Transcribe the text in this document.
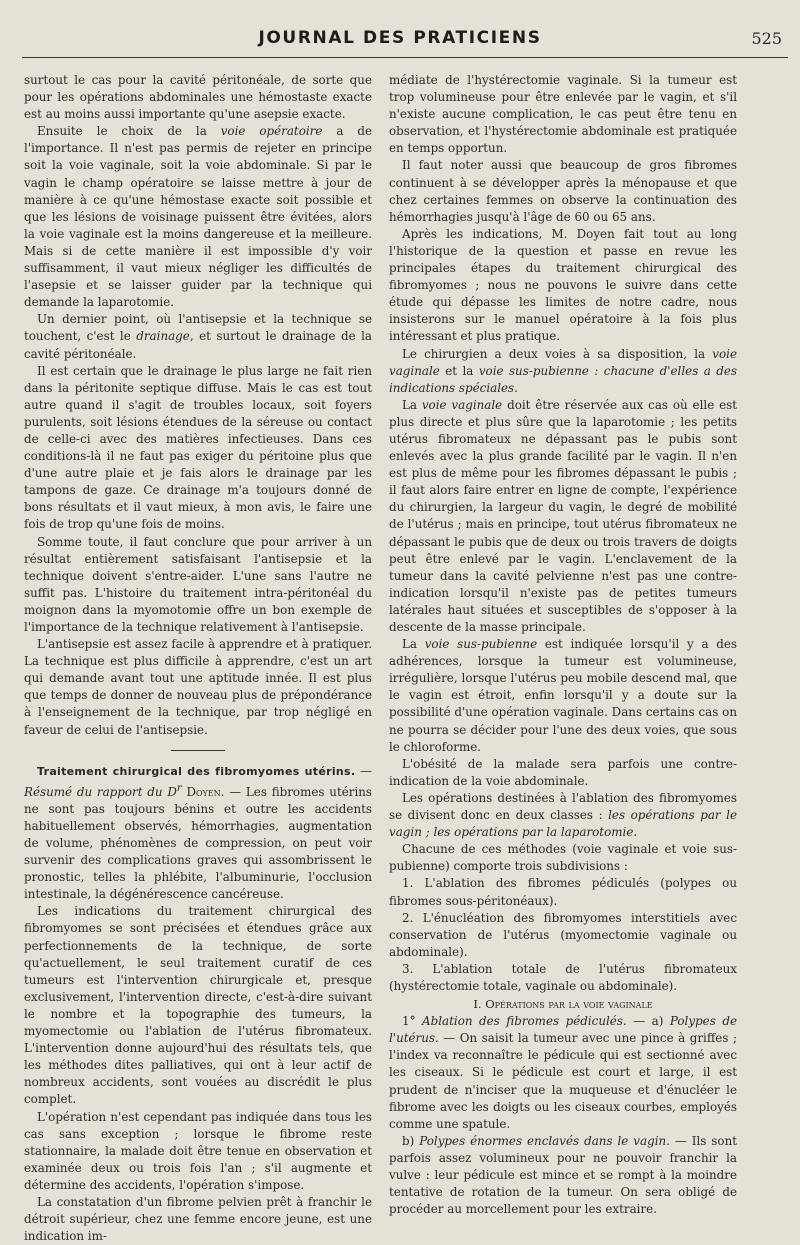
JOURNAL DES PRATICIENS	525

surtout le cas pour la cavité péritonéale, de sorte que pour les opérations abdominales une hémostaste exacte est au moins aussi importante qu'une asepsie exacte.

Ensuite le choix de la voie opératoire a de l'importance. Il n'est pas permis de rejeter en principe soit la voie vaginale, soit la voie abdominale. Si par le vagin le champ opératoire se laisse mettre à jour de manière à ce qu'une hémostase exacte soit possible et que les lésions de voisinage puissent être évitées, alors la voie vaginale est la moins dangereuse et la meilleure. Mais si de cette manière il est impossible d'y voir suffisamment, il vaut mieux négliger les difficultés de l'asepsie et se laisser guider par la technique qui demande la laparotomie.

Un dernier point, où l'antisepsie et la technique se touchent, c'est le drainage, et surtout le drainage de la cavité péritonéale.

Il est certain que le drainage le plus large ne fait rien dans la péritonite septique diffuse. Mais le cas est tout autre quand il s'agit de troubles locaux, soit foyers purulents, soit lésions étendues de la séreuse ou contact de celle-ci avec des matières infectieuses. Dans ces conditions-là il ne faut pas exiger du péritoine plus que d'une autre plaie et je fais alors le drainage par les tampons de gaze. Ce drainage m'a toujours donné de bons résultats et il vaut mieux, à mon avis, le faire une fois de trop qu'une fois de moins.

Somme toute, il faut conclure que pour arriver à un résultat entièrement satisfaisant l'antisepsie et la technique doivent s'entre-aider. L'une sans l'autre ne suffit pas. L'histoire du traitement intra-péritonéal du moignon dans la myomotomie offre un bon exemple de l'importance de la technique relativement à l'antisepsie.

L'antisepsie est assez facile à apprendre et à pratiquer. La technique est plus difficile à apprendre, c'est un art qui demande avant tout une aptitude innée. Il est plus que temps de donner de nouveau plus de prépondérance à l'enseignement de la technique, par trop négligé en faveur de celui de l'antisepsie.

Traitement chirurgical des fibromyomes utérins. — Résumé du rapport du $D^r$ Doyen. — Les fibromes utérins ne sont pas toujours bénins et outre les accidents habituellement observés, hémorrhagies, augmentation de volume, phénomènes de compression, on peut voir survenir des complications graves qui assombrissent le pronostic, telles la phlébite, l'albuminurie, l'occlusion intestinale, la dégénérescence cancéreuse.

Les indications du traitement chirurgical des fibromyomes se sont précisées et étendues grâce aux perfectionnements de la technique, de sorte qu'actuellement, le seul traitement curatif de ces tumeurs est l'intervention chirurgicale et, presque exclusivement, l'intervention directe, c'est-à-dire suivant le nombre et la topographie des tumeurs, la myomectomie ou l'ablation de l'utérus fibromateux. L'intervention donne aujourd'hui des résultats tels, que les méthodes dites palliatives, qui ont à leur actif de nombreux accidents, sont vouées au discrédit le plus complet.

L'opération n'est cependant pas indiquée dans tous les cas sans exception ; lorsque le fibrome reste stationnaire, la malade doit être tenue en observation et examinée deux ou trois fois l'an ; s'il augmente et détermine des accidents, l'opération s'impose.

La constatation d'un fibrome pelvien prêt à franchir le détroit supérieur, chez une femme encore jeune, est une indication im-

médiate de l'hystérectomie vaginale. Si la tumeur est trop volumineuse pour être enlevée par le vagin, et s'il n'existe aucune complication, le cas peut être tenu en observation, et l'hystérectomie abdominale est pratiquée en temps opportun.

Il faut noter aussi que beaucoup de gros fibromes continuent à se développer après la ménopause et que chez certaines femmes on observe la continuation des hémorrhagies jusqu'à l'âge de 60 ou 65 ans.

Après les indications, M. Doyen fait tout au long l'historique de la question et passe en revue les principales étapes du traitement chirurgical des fibromyomes ; nous ne pouvons le suivre dans cette étude qui dépasse les limites de notre cadre, nous insisterons sur le manuel opératoire à la fois plus intéressant et plus pratique.

Le chirurgien a deux voies à sa disposition, la voie vaginale et la voie sus-pubienne : chacune d'elles a des indications spéciales.

La voie vaginale doit être réservée aux cas où elle est plus directe et plus sûre que la laparotomie ; les petits utérus fibromateux ne dépassant pas le pubis sont enlevés avec la plus grande facilité par le vagin. Il n'en est plus de même pour les fibromes dépassant le pubis ; il faut alors faire entrer en ligne de compte, l'expérience du chirurgien, la largeur du vagin, le degré de mobilité de l'utérus ; mais en principe, tout utérus fibromateux ne dépassant le pubis que de deux ou trois travers de doigts peut être enlevé par le vagin. L'enclavement de la tumeur dans la cavité pelvienne n'est pas une contre-indication lorsqu'il n'existe pas de petites tumeurs latérales haut situées et susceptibles de s'opposer à la descente de la masse principale.

La voie sus-pubienne est indiquée lorsqu'il y a des adhérences, lorsque la tumeur est volumineuse, irrégulière, lorsque l'utérus peu mobile descend mal, que le vagin est étroit, enfin lorsqu'il y a doute sur la possibilité d'une opération vaginale. Dans certains cas on ne pourra se décider pour l'une des deux voies, que sous le chloroforme.

L'obésité de la malade sera parfois une contre-indication de la voie abdominale.

Les opérations destinées à l'ablation des fibromyomes se divisent donc en deux classes : les opérations par le vagin ; les opérations par la laparotomie.

Chacune de ces méthodes (voie vaginale et voie sus-pubienne) comporte trois subdivisions :

1. L'ablation des fibromes pédiculés (polypes ou fibromes sous-péritonéaux).

2. L'énucléation des fibromyomes interstitiels avec conservation de l'utérus (myomectomie vaginale ou abdominale).

3. L'ablation totale de l'utérus fibromateux (hystérectomie totale, vaginale ou abdominale).

I. Opérations par la voie vaginale

1° Ablation des fibromes pédiculés. — a) Polypes de l'utérus. — On saisit la tumeur avec une pince à griffes ; l'index va reconnaître le pédicule qui est sectionné avec les ciseaux. Si le pédicule est court et large, il est prudent de n'inciser que la muqueuse et d'énucléer le fibrome avec les doigts ou les ciseaux courbes, employés comme une spatule.

b) Polypes énormes enclavés dans le vagin. — Ils sont parfois assez volumineux pour ne pouvoir franchir la vulve : leur pédicule est mince et se rompt à la moindre tentative de rotation de la tumeur. On sera obligé de procéder au morcellement pour les extraire.
